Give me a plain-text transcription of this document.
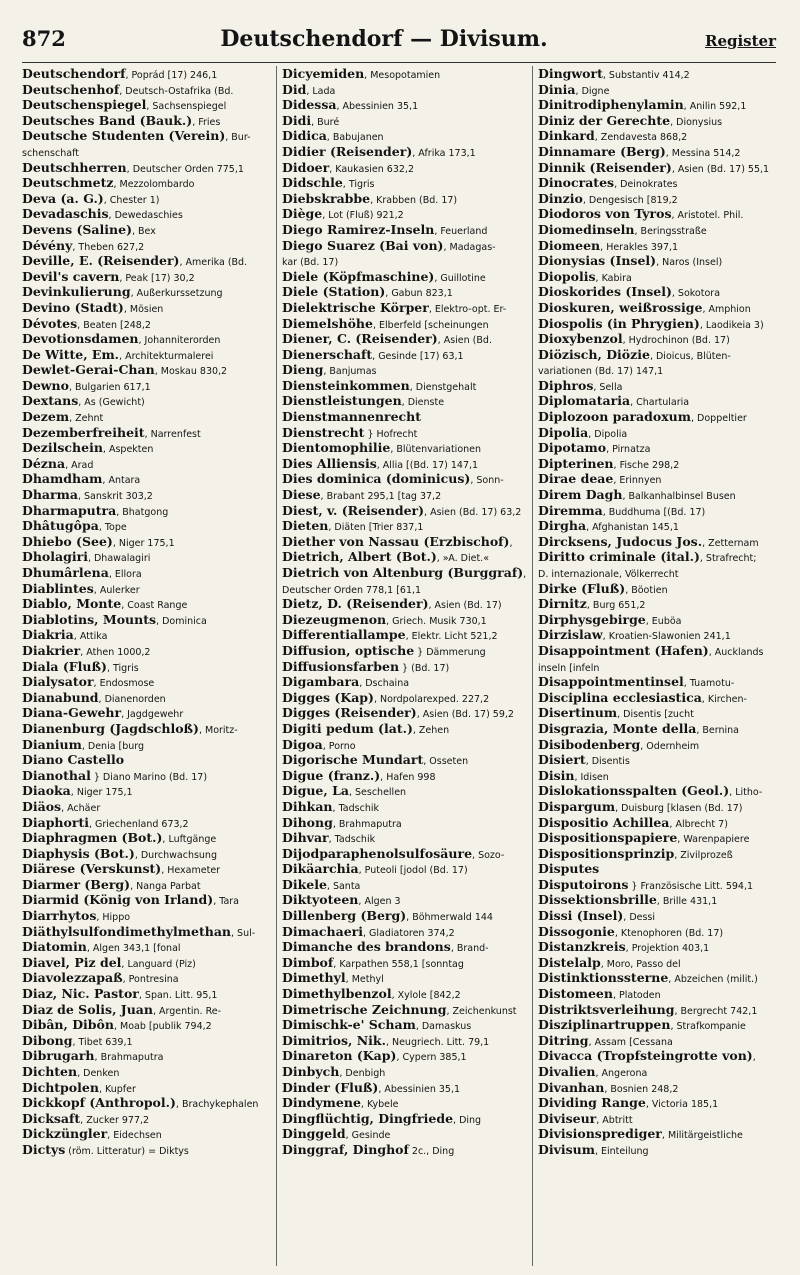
872	Deutschendorf — Divisum.	Register
Deutschendorf, Poprád [17) 246,1
Deutschenhof, Deutsch-Ostafrika (Bd.
Deutschenspiegel, Sachsenspiegel
Deutsches Band (Bauk.), Fries
Deutsche Studenten (Verein), Bur-
schenschaft
Deutschherren, Deutscher Orden 775,1
Deutschmetz, Mezzolombardo
Deva (a. G.), Chester 1)
Devadaschis, Dewedaschies
Devens (Saline), Bex
Dévény, Theben 627,2
Deville, E. (Reisender), Amerika (Bd.
Devil's cavern, Peak [17) 30,2
Devinkulierung, Außerkurssetzung
Devino (Stadt), Mösien
Dévotes, Beaten [248,2
Devotionsdamen, Johanniterorden
De Witte, Em., Architekturmalerei
Dewlet-Gerai-Chan, Moskau 830,2
Dewno, Bulgarien 617,1
Dextans, As (Gewicht)
Dezem, Zehnt
Dezemberfreiheit, Narrenfest
Dezilschein, Aspekten
Dézna, Arad
Dhamdham, Antara
Dharma, Sanskrit 303,2
Dharmaputra, Bhatgong
Dhâtugôpa, Tope
Dhiebo (See), Niger 175,1
Dholagiri, Dhawalagiri
Dhumârlena, Ellora
Diablintes, Aulerker
Diablo, Monte, Coast Range
Diablotins, Mounts, Dominica
Diakria, Attika
Diakrier, Athen 1000,2
Diala (Fluß), Tigris
Dialysator, Endosmose
Dianabund, Dianenorden
Diana-Gewehr, Jagdgewehr
Dianenburg (Jagdschloß), Moritz-
Dianium, Denia [burg
Diano Castello
Dianothal } Diano Marino (Bd. 17)
Diaoka, Niger 175,1
Diäos, Achäer
Diaphorti, Griechenland 673,2
Diaphragmen (Bot.), Luftgänge
Diaphysis (Bot.), Durchwachsung
Diärese (Verskunst), Hexameter
Diarmer (Berg), Nanga Parbat
Diarmid (König von Irland), Tara
Diarrhytos, Hippo
Diäthylsulfondimethylmethan, Sul-
Diatomin, Algen 343,1 [fonal
Diavel, Piz del, Languard (Piz)
Diavolezzapaß, Pontresina
Diaz, Nic. Pastor, Span. Litt. 95,1
Diaz de Solis, Juan, Argentin. Re-
Dibân, Dibôn, Moab [publik 794,2
Dibong, Tibet 639,1
Dibrugarh, Brahmaputra
Dichten, Denken
Dichtpolen, Kupfer
Dickkopf (Anthropol.), Brachykephalen
Dicksaft, Zucker 977,2
Dickzüngler, Eidechsen
Dictys (röm. Litteratur) = Diktys
Dicyemiden, Mesopotamien
Did, Lada
Didessa, Abessinien 35,1
Didi, Buré
Didica, Babujanen
Didier (Reisender), Afrika 173,1
Didoer, Kaukasien 632,2
Didschle, Tigris
Diebskrabbe, Krabben (Bd. 17)
Diège, Lot (Fluß) 921,2
Diego Ramirez-Inseln, Feuerland
Diego Suarez (Bai von), Madagas-
kar (Bd. 17)
Diele (Köpfmaschine), Guillotine
Diele (Station), Gabun 823,1
Dielektrische Körper, Elektro-opt. Er-
Diemelshöhe, Elberfeld [scheinungen
Diener, C. (Reisender), Asien (Bd.
Dienerschaft, Gesinde [17) 63,1
Dieng, Banjumas
Diensteinkommen, Dienstgehalt
Dienstleistungen, Dienste
Dienstmannenrecht
Dienstrecht } Hofrecht
Dientomophilie, Blütenvariationen
Dies Alliensis, Allia [(Bd. 17) 147,1
Dies dominica (dominicus), Sonn-
Diese, Brabant 295,1 [tag 37,2
Diest, v. (Reisender), Asien (Bd. 17) 63,2
Dieten, Diäten [Trier 837,1
Diether von Nassau (Erzbischof),
Dietrich, Albert (Bot.), »A. Diet.«
Dietrich von Altenburg (Burggraf),
Deutscher Orden 778,1 [61,1
Dietz, D. (Reisender), Asien (Bd. 17)
Diezeugmenon, Griech. Musik 730,1
Differentiallampe, Elektr. Licht 521,2
Diffusion, optische } Dämmerung
Diffusionsfarben } (Bd. 17)
Digambara, Dschaina
Digges (Kap), Nordpolarexped. 227,2
Digges (Reisender), Asien (Bd. 17) 59,2
Digiti pedum (lat.), Zehen
Digoa, Porno
Digorische Mundart, Osseten
Digue (franz.), Hafen 998
Digue, La, Seschellen
Dihkan, Tadschik
Dihong, Brahmaputra
Dihvar, Tadschik
Dijodparaphenolsulfosäure, Sozo-
Dikäarchia, Puteoli [jodol (Bd. 17)
Dikele, Santa
Diktyoteen, Algen 3
Dillenberg (Berg), Böhmerwald 144
Dimachaeri, Gladiatoren 374,2
Dimanche des brandons, Brand-
Dimbof, Karpathen 558,1 [sonntag
Dimethyl, Methyl
Dimethylbenzol, Xylole [842,2
Dimetrische Zeichnung, Zeichenkunst
Dimischk-e' Scham, Damaskus
Dimitrios, Nik., Neugriech. Litt. 79,1
Dinareton (Kap), Cypern 385,1
Dinbych, Denbigh
Dinder (Fluß), Abessinien 35,1
Dindymene, Kybele
Dingflüchtig, Dingfriede, Ding
Dinggeld, Gesinde
Dinggraf, Dinghof 2c., Ding
Dingwort, Substantiv 414,2
Dinia, Digne
Dinitrodiphenylamin, Anilin 592,1
Diniz der Gerechte, Dionysius
Dinkard, Zendavesta 868,2
Dinnamare (Berg), Messina 514,2
Dinnik (Reisender), Asien (Bd. 17) 55,1
Dinocrates, Deinokrates
Dinzio, Dengesisch [819,2
Diodoros von Tyros, Aristotel. Phil.
Diomedinseln, Beringsstraße
Diomeen, Herakles 397,1
Dionysias (Insel), Naros (Insel)
Diopolis, Kabira
Dioskorides (Insel), Sokotora
Dioskuren, weißrossige, Amphion
Diospolis (in Phrygien), Laodikeia 3)
Dioxybenzol, Hydrochinon (Bd. 17)
Diözisch, Diözie, Dioicus, Blüten-
variationen (Bd. 17) 147,1
Diphros, Sella
Diplomataria, Chartularia
Diplozoon paradoxum, Doppeltier
Dipolia, Dipolia
Dipotamo, Pirnatza
Dipterinen, Fische 298,2
Dirae deae, Erinnyen
Direm Dagh, Balkanhalbinsel Busen
Diremma, Buddhuma [(Bd. 17)
Dirgha, Afghanistan 145,1
Dircksens, Judocus Jos., Zetternam
Diritto criminale (ital.), Strafrecht;
D. internazionale, Völkerrecht
Dirke (Fluß), Böotien
Dirnitz, Burg 651,2
Dirphysgebirge, Euböa
Dirzislaw, Kroatien-Slawonien 241,1
Disappointment (Hafen), Aucklands
inseln [infeln
Disappointmentinsel, Tuamotu-
Disciplina ecclesiastica, Kirchen-
Disertinum, Disentis [zucht
Disgrazia, Monte della, Bernina
Disibodenberg, Odernheim
Disiert, Disentis
Disin, Idisen
Dislokationsspalten (Geol.), Litho-
Dispargum, Duisburg [klasen (Bd. 17)
Dispositio Achillea, Albrecht 7)
Dispositionspapiere, Warenpapiere
Dispositionsprinzip, Zivilprozeß
Disputes
Disputoirons } Französische Litt. 594,1
Dissektionsbrille, Brille 431,1
Dissi (Insel), Dessi
Dissogonie, Ktenophoren (Bd. 17)
Distanzkreis, Projektion 403,1
Distelalp, Moro, Passo del
Distinktionssterne, Abzeichen (milit.)
Distomeen, Platoden
Distriktsverleihung, Bergrecht 742,1
Disziplinartruppen, Strafkompanie
Ditring, Assam [Cessana
Divacca (Tropfsteingrotte von),
Divalien, Angerona
Divanhan, Bosnien 248,2
Dividing Range, Victoria 185,1
Diviseur, Abtritt
Divisionsprediger, Militärgeistliche
Divisum, Einteilung
